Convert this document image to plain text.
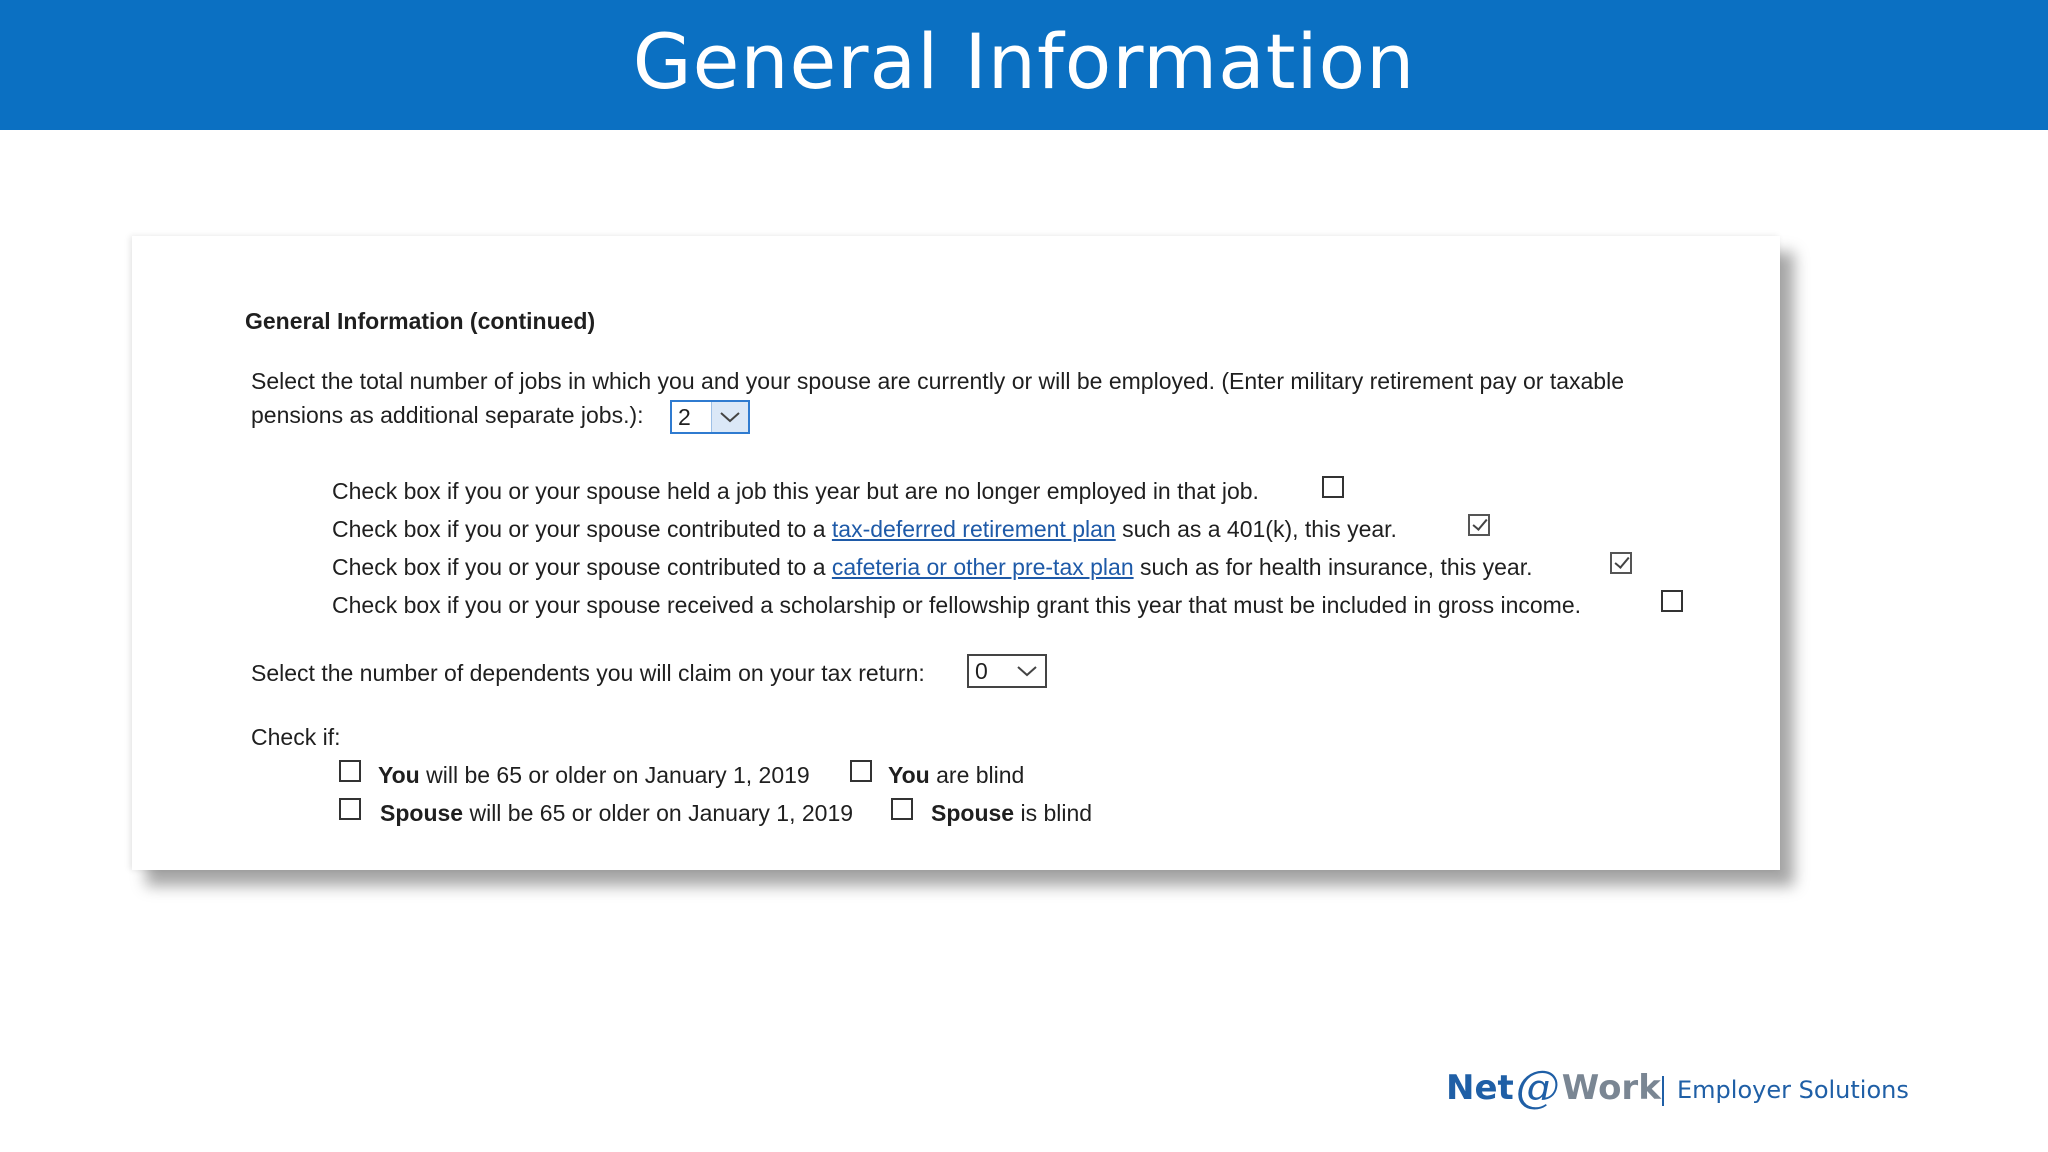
General Information
General Information (continued)
Select the total number of jobs in which you and your spouse are currently or will be employed. (Enter military retirement pay or taxable
pensions as additional separate jobs.): 2
Check box if you or your spouse held a job this year but are no longer employed in that job.
Check box if you or your spouse contributed to a tax-deferred retirement plan such as a 401(k), this year.
Check box if you or your spouse contributed to a cafeteria or other pre-tax plan such as for health insurance, this year.
Check box if you or your spouse received a scholarship or fellowship grant this year that must be included in gross income.
Select the number of dependents you will claim on your tax return: 0
Check if:
You will be 65 or older on January 1, 2019	You are blind
Spouse will be 65 or older on January 1, 2019	Spouse is blind
Net @ Work Employer Solutions
